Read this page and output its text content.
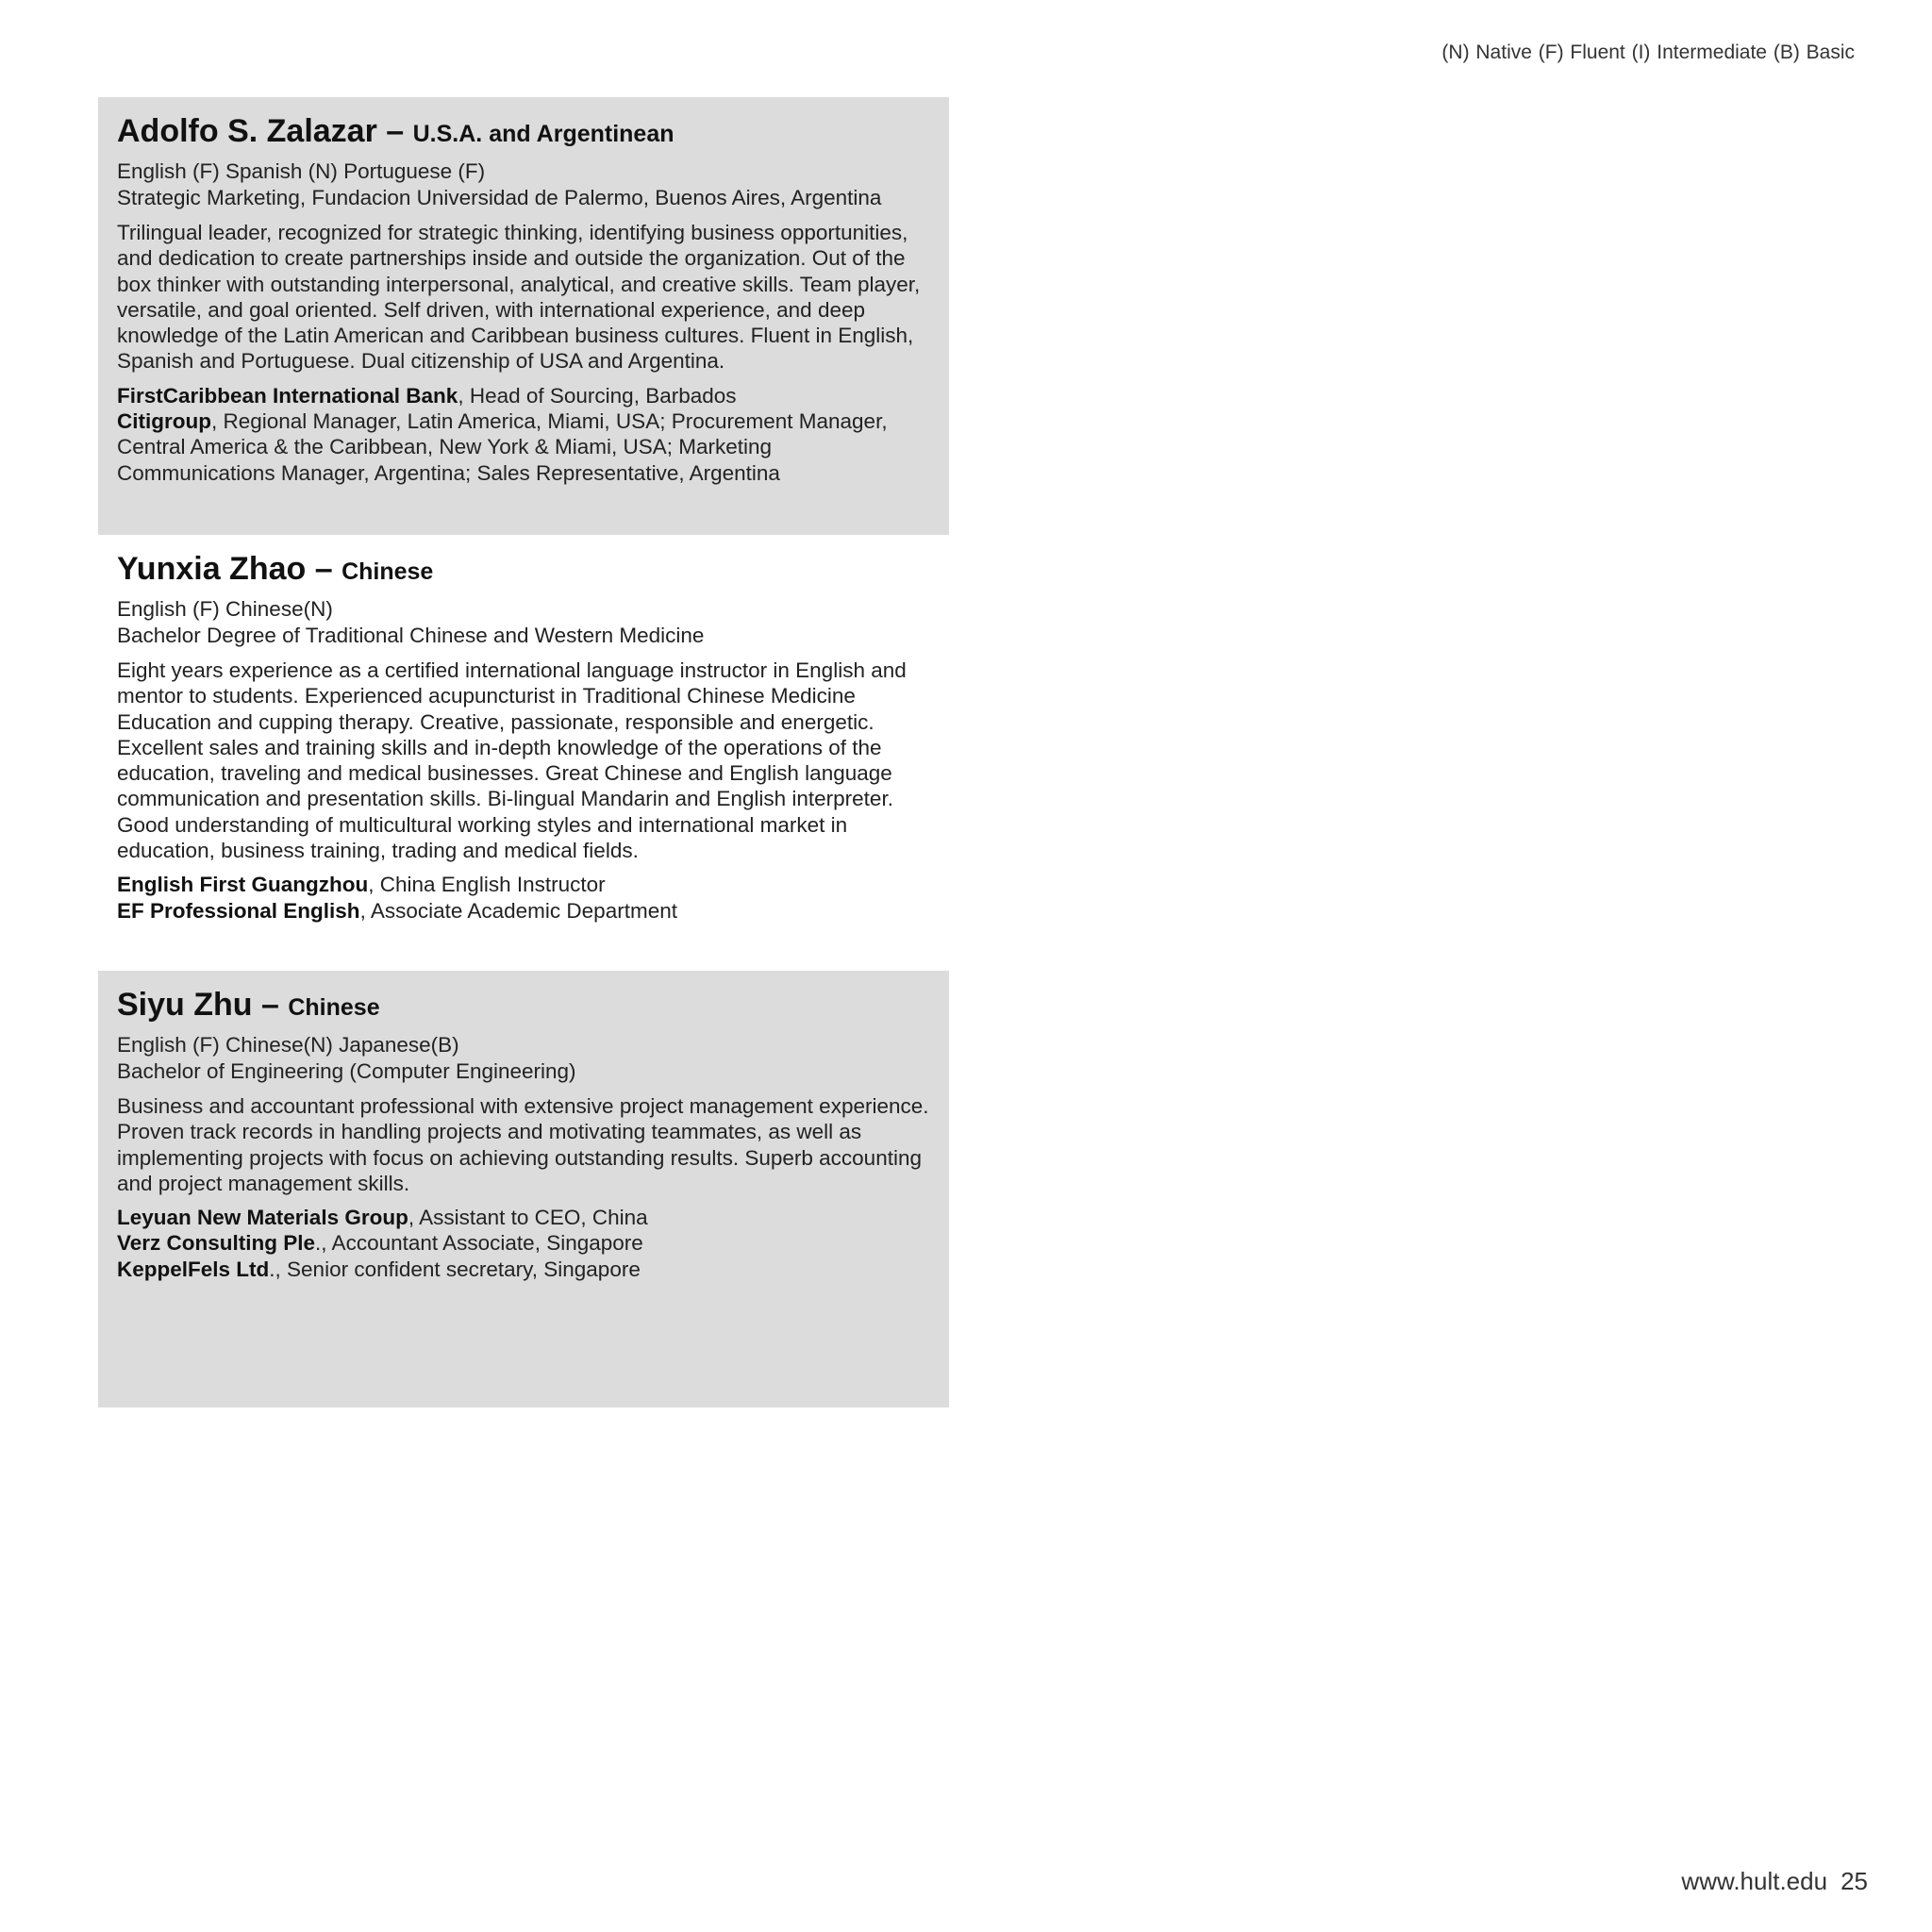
(N) Native (F) Fluent (I) Intermediate (B) Basic
Adolfo S. Zalazar – U.S.A. and Argentinean
English (F) Spanish (N) Portuguese (F)
Strategic Marketing, Fundacion Universidad de Palermo, Buenos Aires, Argentina
Trilingual leader, recognized for strategic thinking, identifying business opportunities, and dedication to create partnerships inside and outside the organization. Out of the box thinker with outstanding interpersonal, analytical, and creative skills. Team player, versatile, and goal oriented. Self driven, with international experience, and deep knowledge of the Latin American and Caribbean business cultures. Fluent in English, Spanish and Portuguese. Dual citizenship of USA and Argentina.
FirstCaribbean International Bank, Head of Sourcing, Barbados
Citigroup, Regional Manager, Latin America, Miami, USA; Procurement Manager, Central America & the Caribbean, New York & Miami, USA; Marketing Communications Manager, Argentina; Sales Representative, Argentina
Yunxia Zhao – Chinese
English (F) Chinese(N)
Bachelor Degree of Traditional Chinese and Western Medicine
Eight years experience as a certified international language instructor in English and mentor to students. Experienced acupuncturist in Traditional Chinese Medicine Education and cupping therapy. Creative, passionate, responsible and energetic. Excellent sales and training skills and in-depth knowledge of the operations of the education, traveling and medical businesses. Great Chinese and English language communication and presentation skills. Bi-lingual Mandarin and English interpreter. Good understanding of multicultural working styles and international market in education, business training, trading and medical fields.
English First Guangzhou, China English Instructor
EF Professional English, Associate Academic Department
Siyu Zhu – Chinese
English (F) Chinese(N) Japanese(B)
Bachelor of Engineering (Computer Engineering)
Business and accountant professional with extensive project management experience. Proven track records in handling projects and motivating teammates, as well as implementing projects with focus on achieving outstanding results. Superb accounting and project management skills.
Leyuan New Materials Group, Assistant to CEO, China
Verz Consulting Ple., Accountant Associate, Singapore
KeppelFels Ltd., Senior confident secretary, Singapore
www.hult.edu 25
